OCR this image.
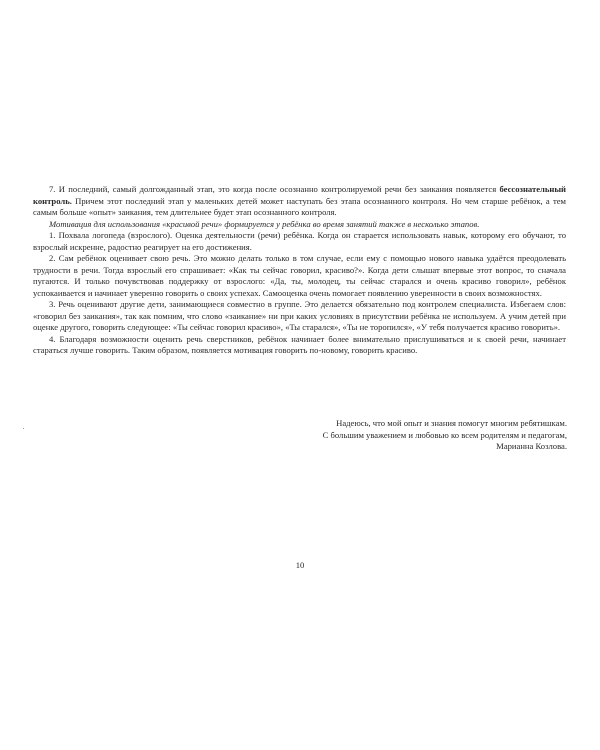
7. И последний, самый долгожданный этап, это когда после осознанно контролируемой речи без заикания появляется бессознательный контроль. Причем этот последний этап у маленьких детей может наступать без этапа осознанного контроля. Но чем старше ребёнок, а тем самым больше «опыт» заикания, тем длительнее будет этап осознанного контроля.

Мотивация для использования «красивой речи» формируется у ребёнка во время занятий также в несколько этапов.

1. Похвала логопеда (взрослого). Оценка деятельности (речи) ребёнка. Когда он старается использовать навык, которому его обучают, то взрослый искренне, радостно реагирует на его достижения.

2. Сам ребёнок оценивает свою речь. Это можно делать только в том случае, если ему с помощью нового навыка удаётся преодолевать трудности в речи. Тогда взрослый его спрашивает: «Как ты сейчас говорил, красиво?». Когда дети слышат впервые этот вопрос, то сначала пугаются. И только почувствовав поддержку от взрослого: «Да, ты, молодец, ты сейчас старался и очень красиво говорил», ребёнок успокаивается и начинает уверенно говорить о своих успехах. Самооценка очень помогает появлению уверенности в своих возможностях.

3. Речь оценивают другие дети, занимающиеся совместно в группе. Это делается обязательно под контролем специалиста. Избегаем слов: «говорил без заикания», так как помним, что слово «заикание» ни при каких условиях в присутствии ребёнка не используем. А учим детей при оценке другого, говорить следующее: «Ты сейчас говорил красиво», «Ты старался», «Ты не торопился», «У тебя получается красиво говорить».

4. Благодаря возможности оценить речь сверстников, ребёнок начинает более внимательно прислушиваться и к своей речи, начинает стараться лучше говорить. Таким образом, появляется мотивация говорить по-новому, говорить красиво.

Надеюсь, что мой опыт и знания помогут многим ребятишкам.
С большим уважением и любовью ко всем родителям и педагогам,
Марианна Козлова.
10
